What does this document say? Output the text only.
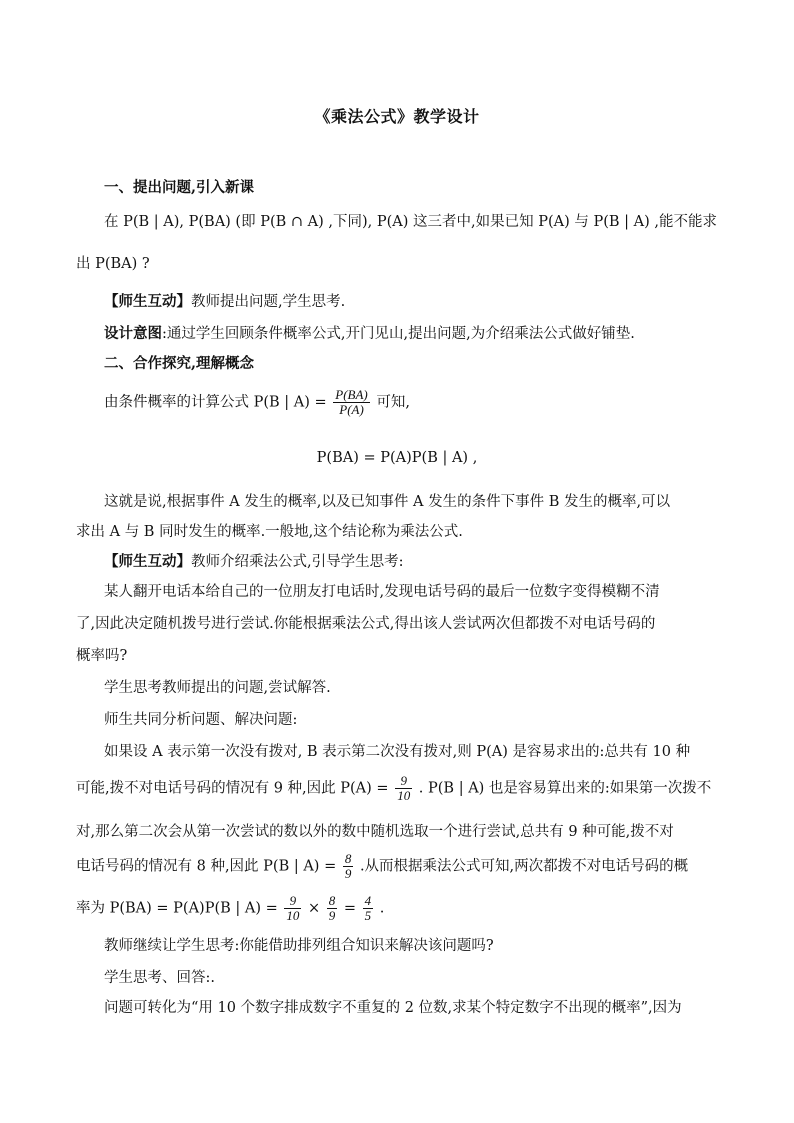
《乘法公式》教学设计
一、提出问题,引入新课
在 P(B | A), P(BA) (即 P(B ∩ A) ,下同), P(A) 这三者中,如果已知 P(A) 与 P(B | A) ,能不能求
出 P(BA) ?
【师生互动】教师提出问题,学生思考.
设计意图:通过学生回顾条件概率公式,开门见山,提出问题,为介绍乘法公式做好铺垫.
二、合作探究,理解概念
由条件概率的计算公式 P(B | $A) = \frac{P(BA)}{P(A)}$ 可知,
P(BA) = P(A)P(B | A) ,
这就是说,根据事件 A 发生的概率,以及已知事件 A 发生的条件下事件 B 发生的概率,可以
求出 A 与 B 同时发生的概率.一般地,这个结论称为乘法公式.
【师生互动】教师介绍乘法公式,引导学生思考:
某人翻开电话本给自己的一位朋友打电话时,发现电话号码的最后一位数字变得模糊不清
了,因此决定随机拨号进行尝试.你能根据乘法公式,得出该人尝试两次但都拨不对电话号码的
概率吗?
学生思考教师提出的问题,尝试解答.
师生共同分析问题、解决问题:
如果设 A 表示第一次没有拨对, B 表示第二次没有拨对,则 P(A) 是容易求出的:总共有 10 种
可能,拨不对电话号码的情况有 9 种,因此 $P(A) = \frac{9}{10}$ . P(B | A) 也是容易算出来的:如果第一次拨不
对,那么第二次会从第一次尝试的数以外的数中随机选取一个进行尝试,总共有 9 种可能,拨不对
电话号码的情况有 8 种,因此 P(B | $A) = \frac{8}{9}$ .从而根据乘法公式可知,两次都拨不对电话号码的概
率为 P(BA) = P(A)P(B | $A) = \frac{9}{10} \times \frac{8}{9} = \frac{4}{5}$ .
教师继续让学生思考:你能借助排列组合知识来解决该问题吗?
学生思考、回答:.
问题可转化为“用 10 个数字排成数字不重复的 2 位数,求某个特定数字不出现的概率”,因为
